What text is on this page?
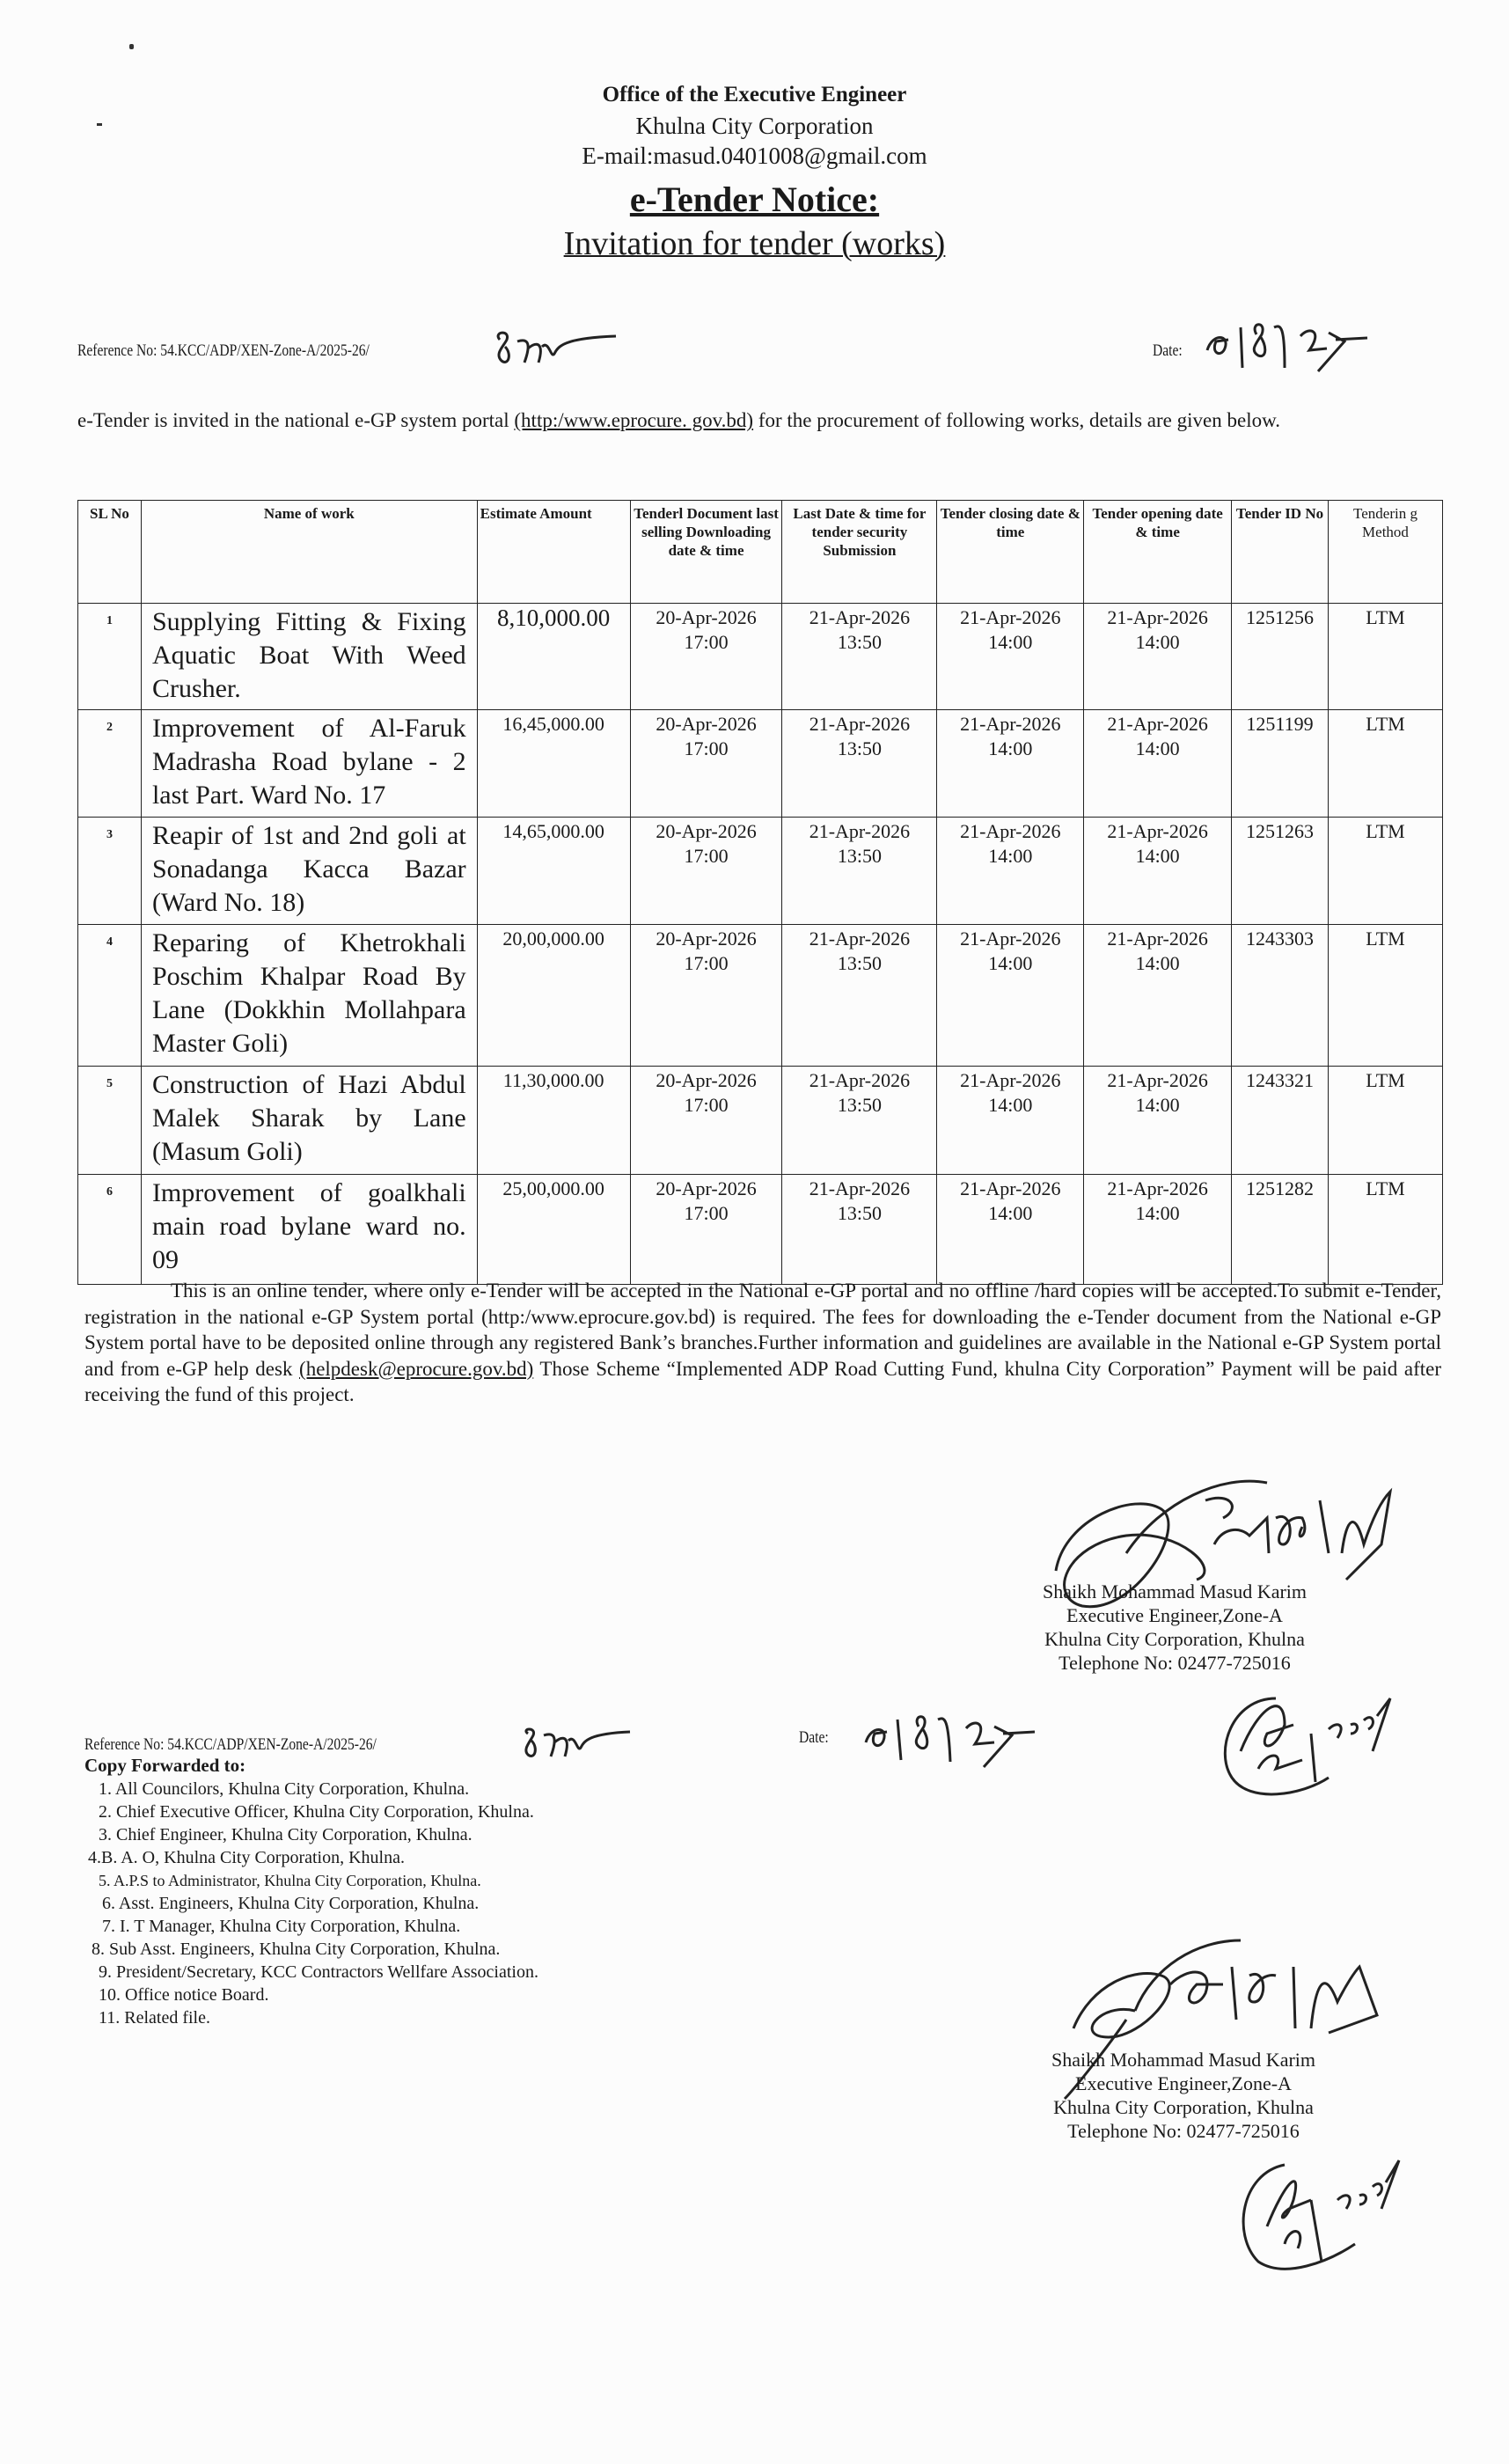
Office of the Executive Engineer
Khulna City Corporation
E-mail:masud.0401008@gmail.com
e-Tender Notice:
Invitation for tender (works)
Reference No: 54.KCC/ADP/XEN-Zone-A/2025-26/	Date:
e-Tender is invited in the national e-GP system portal (http:/www.eprocure. gov.bd) for the procurement of following works, details are given below.
SL No	Name of work	Estimate Amount	Tenderl Document last selling Downloading date & time	Last Date & time for tender security Submission	Tender closing date & time	Tender opening date & time	Tender ID No	Tenderin g Method
1	Supplying Fitting & Fixing Aquatic Boat With Weed Crusher.	8,10,000.00	20-Apr-2026
17:00

21-Apr-2026
13:50

21-Apr-2026
14:00

21-Apr-2026
14:00
	1251256	LTM
2	Improvement of Al-Faruk Madrasha Road bylane - 2 last Part. Ward No. 17	16,45,000.00	20-Apr-2026
17:00

21-Apr-2026
13:50

21-Apr-2026
14:00

21-Apr-2026
14:00
	1251199	LTM
3	Reapir of 1st and 2nd goli at Sonadanga Kacca Bazar (Ward No. 18)	14,65,000.00	20-Apr-2026
17:00

21-Apr-2026
13:50

21-Apr-2026
14:00

21-Apr-2026
14:00
	1251263	LTM
4	Reparing of Khetrokhali Poschim Khalpar Road By Lane (Dokkhin Mollahpara Master Goli)	20,00,000.00	20-Apr-2026
17:00

21-Apr-2026
13:50

21-Apr-2026
14:00

21-Apr-2026
14:00
	1243303	LTM
5	Construction of Hazi Abdul Malek Sharak by Lane (Masum Goli)	11,30,000.00	20-Apr-2026
17:00

21-Apr-2026
13:50

21-Apr-2026
14:00

21-Apr-2026
14:00
	1243321	LTM
6	Improvement of goalkhali main road bylane ward no. 09	25,00,000.00	20-Apr-2026
17:00

21-Apr-2026
13:50

21-Apr-2026
14:00

21-Apr-2026
14:00
	1251282	LTM
This is an online tender, where only e-Tender will be accepted in the National e-GP portal and no offline /hard copies will be accepted.To submit e-Tender, registration in the national e-GP System portal (http:/www.eprocure.gov.bd) is required. The fees for downloading the e-Tender document from the National e-GP System portal have to be deposited online through any registered Bank’s branches.Further information and guidelines are available in the National e-GP System portal and from e-GP help desk (helpdesk@eprocure.gov.bd) Those Scheme “Implemented ADP Road Cutting Fund, khulna City Corporation” Payment will be paid after receiving the fund of this project.
Shaikh Mohammad Masud Karim
Executive Engineer,Zone-A
Khulna City Corporation, Khulna
Telephone No: 02477-725016
Reference No: 54.KCC/ADP/XEN-Zone-A/2025-26/	Date:
Copy Forwarded to:
1. All Councilors, Khulna City Corporation, Khulna.
2. Chief Executive Officer, Khulna City Corporation, Khulna.
3. Chief Engineer, Khulna City Corporation, Khulna.
4.B. A. O, Khulna City Corporation, Khulna.
5. A.P.S to Administrator, Khulna City Corporation, Khulna.
6. Asst. Engineers, Khulna City Corporation, Khulna.
7. I. T Manager, Khulna City Corporation, Khulna.
8. Sub Asst. Engineers, Khulna City Corporation, Khulna.
9. President/Secretary, KCC Contractors Wellfare Association.
10. Office notice Board.
11. Related file.
Shaikh Mohammad Masud Karim
Executive Engineer,Zone-A
Khulna City Corporation, Khulna
Telephone No: 02477-725016
